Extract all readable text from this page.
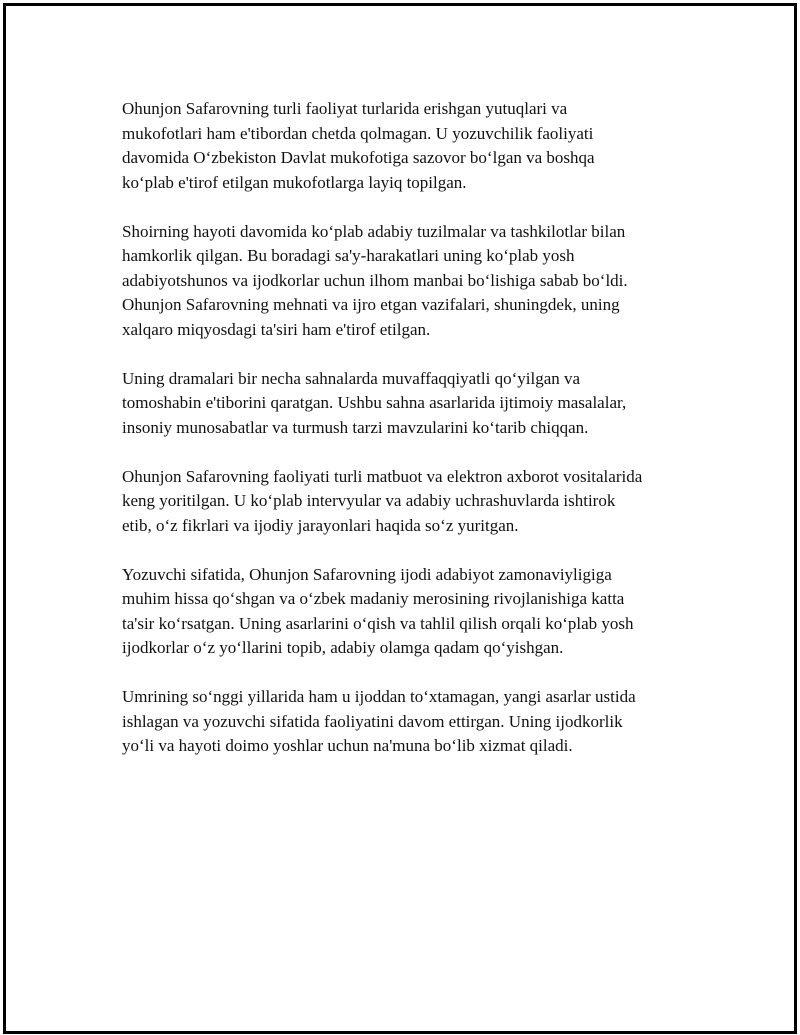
Ohunjon Safarovning turli faoliyat turlarida erishgan yutuqlari va
mukofotlari ham e'tibordan chetda qolmagan. U yozuvchilik faoliyati
davomida O‘zbekiston Davlat mukofotiga sazovor bo‘lgan va boshqa
ko‘plab e'tirof etilgan mukofotlarga layiq topilgan.

Shoirning hayoti davomida ko‘plab adabiy tuzilmalar va tashkilotlar bilan
hamkorlik qilgan. Bu boradagi sa'y-harakatlari uning ko‘plab yosh
adabiyotshunos va ijodkorlar uchun ilhom manbai bo‘lishiga sabab bo‘ldi.
Ohunjon Safarovning mehnati va ijro etgan vazifalari, shuningdek, uning
xalqaro miqyosdagi ta'siri ham e'tirof etilgan.

Uning dramalari bir necha sahnalarda muvaffaqqiyatli qo‘yilgan va
tomoshabin e'tiborini qaratgan. Ushbu sahna asarlarida ijtimoiy masalalar,
insoniy munosabatlar va turmush tarzi mavzularini ko‘tarib chiqqan.

Ohunjon Safarovning faoliyati turli matbuot va elektron axborot vositalarida
keng yoritilgan. U ko‘plab intervyular va adabiy uchrashuvlarda ishtirok
etib, o‘z fikrlari va ijodiy jarayonlari haqida so‘z yuritgan.

Yozuvchi sifatida, Ohunjon Safarovning ijodi adabiyot zamonaviyligiga
muhim hissa qo‘shgan va o‘zbek madaniy merosining rivojlanishiga katta
ta'sir ko‘rsatgan. Uning asarlarini o‘qish va tahlil qilish orqali ko‘plab yosh
ijodkorlar o‘z yo‘llarini topib, adabiy olamga qadam qo‘yishgan.

Umrining so‘nggi yillarida ham u ijoddan to‘xtamagan, yangi asarlar ustida
ishlagan va yozuvchi sifatida faoliyatini davom ettirgan. Uning ijodkorlik
yo‘li va hayoti doimo yoshlar uchun na'muna bo‘lib xizmat qiladi.
